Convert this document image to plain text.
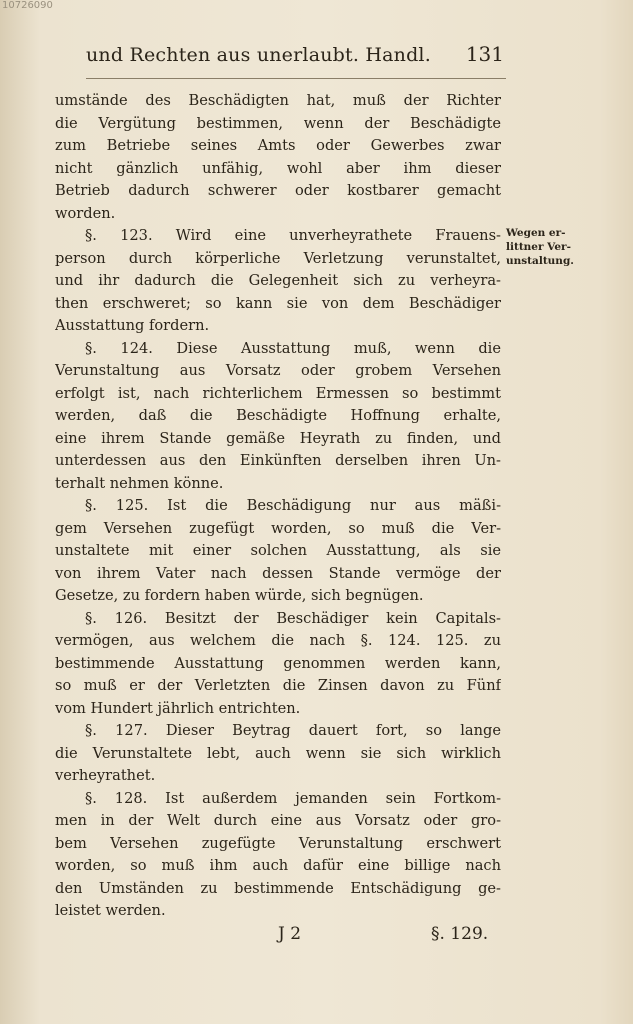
10726090
und Rechten aus unerlaubt. Handl. 131
umstände des Beschädigten hat, muß der Richter
die Vergütung bestimmen, wenn der Beschädigte
zum Betriebe seines Amts oder Gewerbes zwar
nicht gänzlich unfähig, wohl aber ihm dieser
Betrieb dadurch schwerer oder kostbarer gemacht
worden.
§. 123. Wird eine unverheyrathete Frauens-
person durch körperliche Verletzung verunstaltet,
und ihr dadurch die Gelegenheit sich zu verheyra-
then erschweret; so kann sie von dem Beschädiger
Ausstattung fordern.
§. 124. Diese Ausstattung muß, wenn die
Verunstaltung aus Vorsatz oder grobem Versehen
erfolgt ist, nach richterlichem Ermessen so bestimmt
werden, daß die Beschädigte Hoffnung erhalte,
eine ihrem Stande gemäße Heyrath zu finden, und
unterdessen aus den Einkünften derselben ihren Un-
terhalt nehmen könne.
§. 125. Ist die Beschädigung nur aus mäßi-
gem Versehen zugefügt worden, so muß die Ver-
unstaltete mit einer solchen Ausstattung, als sie
von ihrem Vater nach dessen Stande vermöge der
Gesetze, zu fordern haben würde, sich begnügen.
§. 126. Besitzt der Beschädiger kein Capitals-
vermögen, aus welchem die nach §. 124. 125. zu
bestimmende Ausstattung genommen werden kann,
so muß er der Verletzten die Zinsen davon zu Fünf
vom Hundert jährlich entrichten.
§. 127. Dieser Beytrag dauert fort, so lange
die Verunstaltete lebt, auch wenn sie sich wirklich
verheyrathet.
§. 128. Ist außerdem jemanden sein Fortkom-
men in der Welt durch eine aus Vorsatz oder gro-
bem Versehen zugefügte Verunstaltung erschwert
worden, so muß ihm auch dafür eine billige nach
den Umständen zu bestimmende Entschädigung ge-
leistet werden.
Wegen er-
littner Ver-
unstaltung.
J 2	§. 129.
